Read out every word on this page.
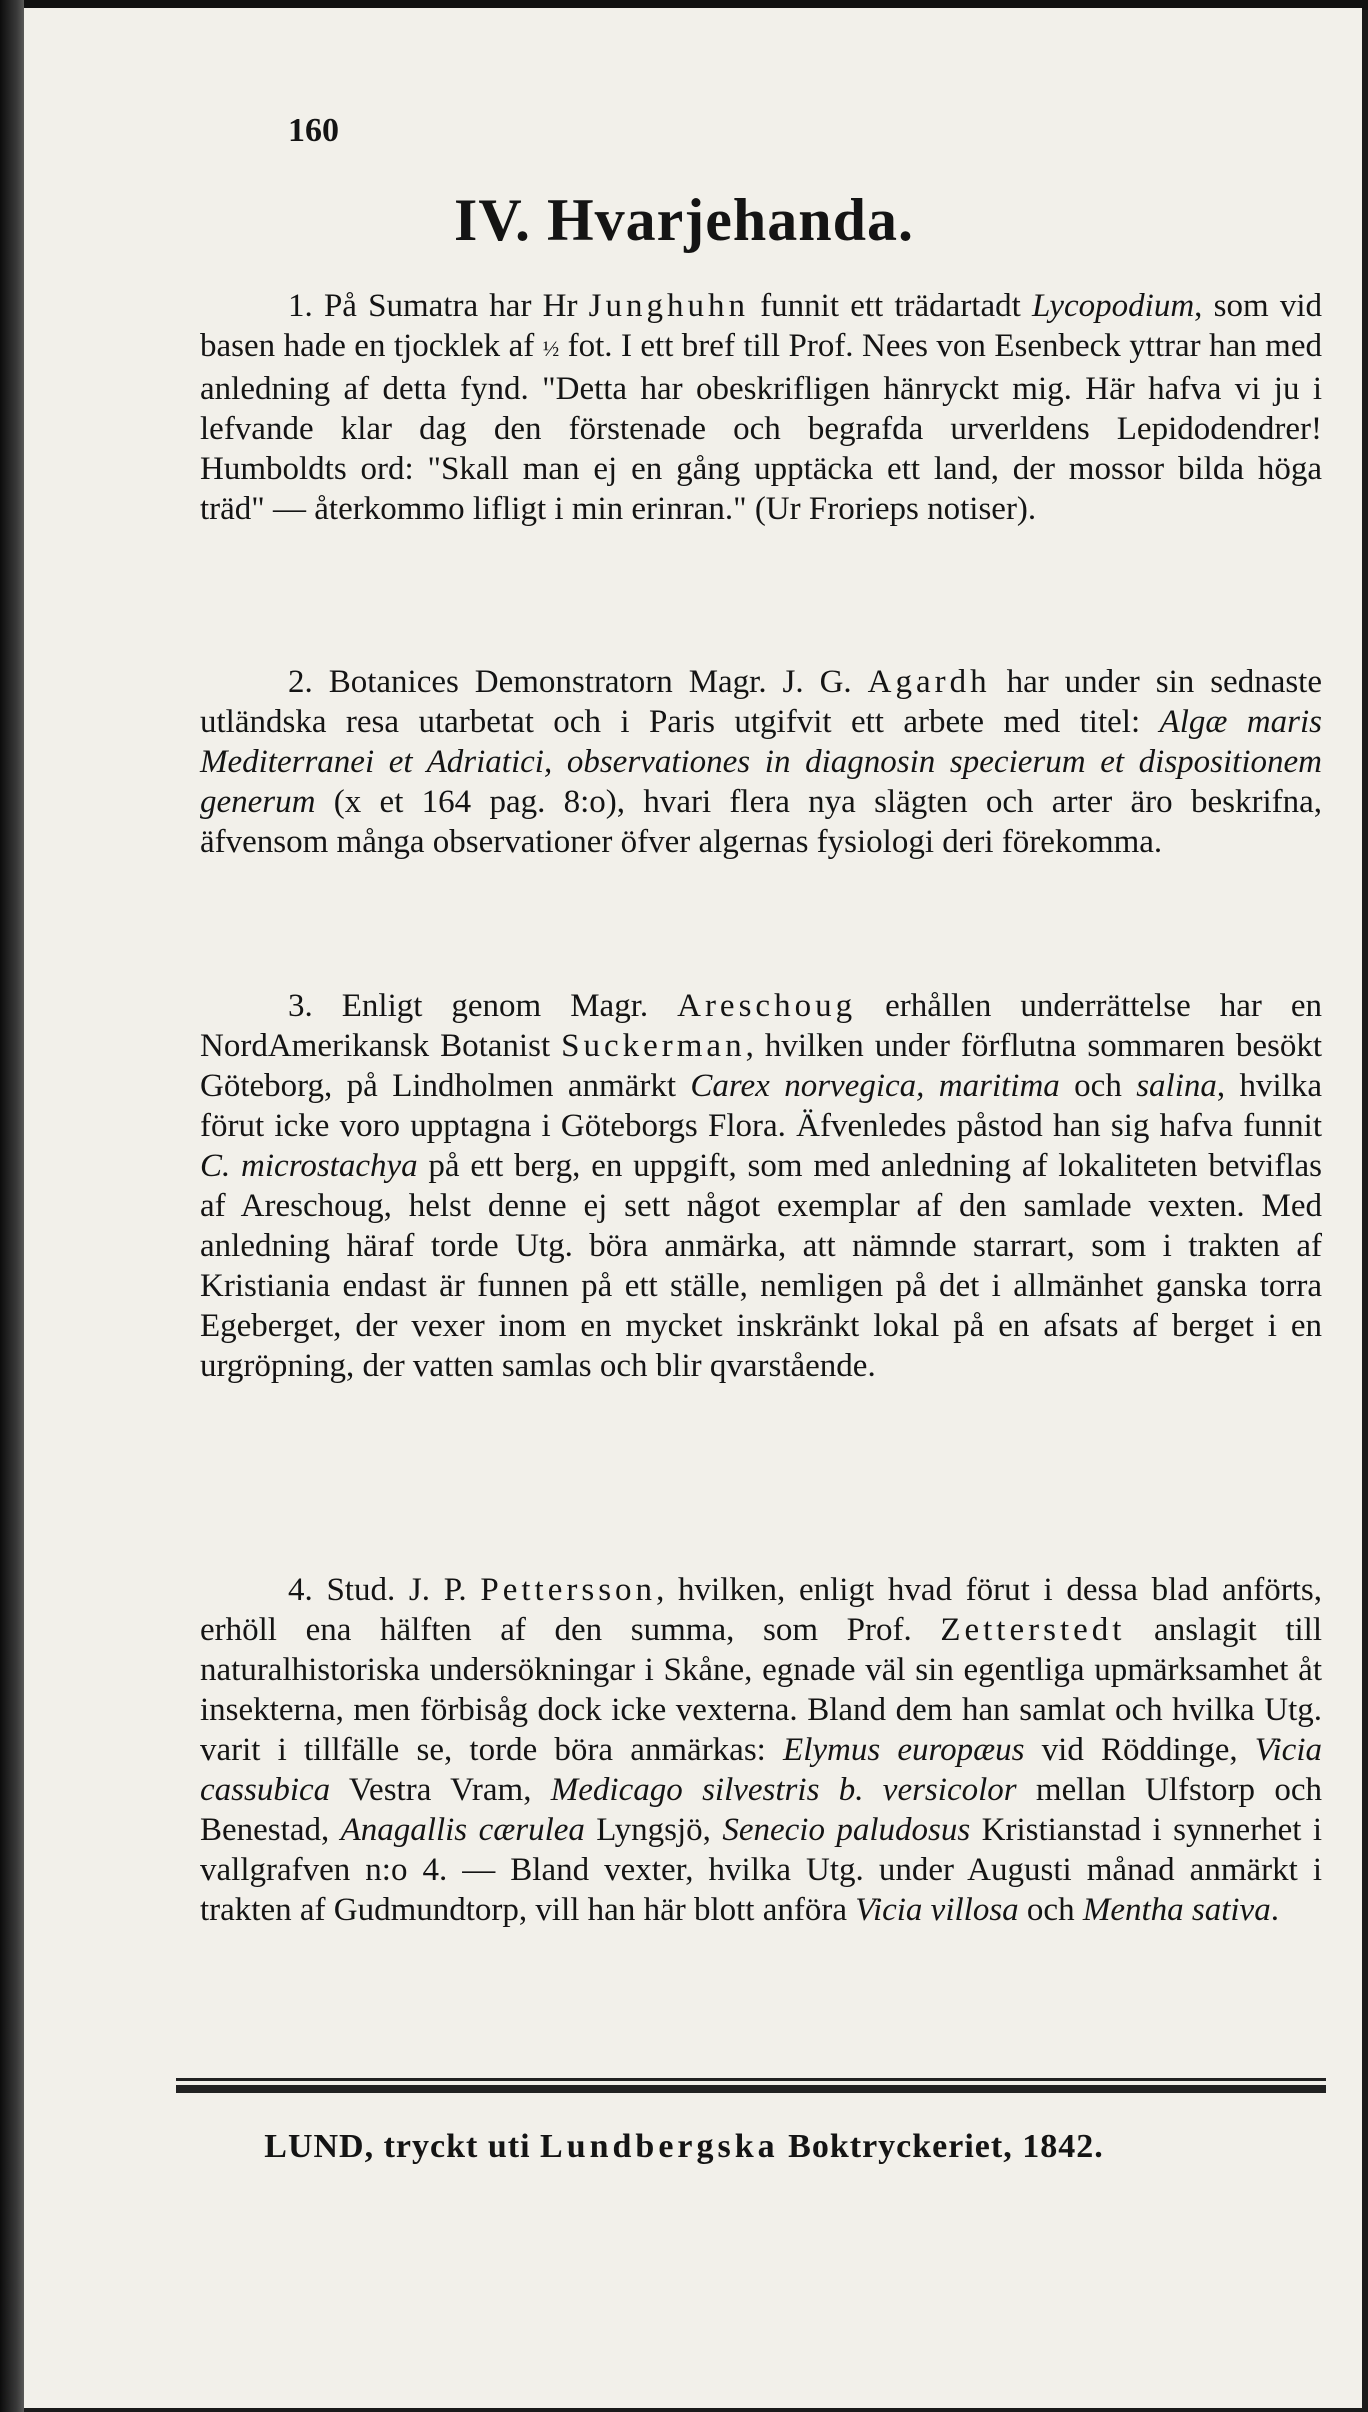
160
IV. Hvarjehanda.

1. På Sumatra har Hr Junghuhn funnit ett trädartadt Lycopodium, som vid basen hade en tjocklek af ½ fot. I ett bref till Prof. Nees von Esenbeck yttrar han med anledning af detta fynd. "Detta har obeskrifligen hänryckt mig. Här hafva vi ju i lefvande klar dag den förstenade och begrafda urverldens Lepidodendrer! Humboldts ord: "Skall man ej en gång upptäcka ett land, der mossor bilda höga träd" — återkommo lifligt i min erinran." (Ur Frorieps notiser).

2. Botanices Demonstratorn Magr. J. G. Agardh har under sin sednaste utländska resa utarbetat och i Paris utgifvit ett arbete med titel: Algæ maris Mediterranei et Adriatici, observationes in diagnosin specierum et dispositionem generum (x et 164 pag. 8:o), hvari flera nya slägten och arter äro beskrifna, äfvensom många observationer öfver algernas fysiologi deri förekomma.

3. Enligt genom Magr. Areschoug erhållen underrättelse har en NordAmerikansk Botanist Suckerman, hvilken under förflutna sommaren besökt Göteborg, på Lindholmen anmärkt Carex norvegica, maritima och salina, hvilka förut icke voro upptagna i Göteborgs Flora. Äfvenledes påstod han sig hafva funnit C. microstachya på ett berg, en uppgift, som med anledning af lokaliteten betviflas af Areschoug, helst denne ej sett något exemplar af den samlade vexten. Med anledning häraf torde Utg. böra anmärka, att nämnde starrart, som i trakten af Kristiania endast är funnen på ett ställe, nemligen på det i allmänhet ganska torra Egeberget, der vexer inom en mycket inskränkt lokal på en afsats af berget i en urgröpning, der vatten samlas och blir qvarstående.

4. Stud. J. P. Pettersson, hvilken, enligt hvad förut i dessa blad anförts, erhöll ena hälften af den summa, som Prof. Zetterstedt anslagit till naturalhistoriska undersökningar i Skåne, egnade väl sin egentliga upmärksamhet åt insekterna, men förbisåg dock icke vexterna. Bland dem han samlat och hvilka Utg. varit i tillfälle se, torde böra anmärkas: Elymus europæus vid Röddinge, Vicia cassubica Vestra Vram, Medicago silvestris b. versicolor mellan Ulfstorp och Benestad, Anagallis cærulea Lyngsjö, Senecio paludosus Kristianstad i synnerhet i vallgrafven n:o 4. — Bland vexter, hvilka Utg. under Augusti månad anmärkt i trakten af Gudmundtorp, vill han här blott anföra Vicia villosa och Mentha sativa.

LUND, tryckt uti Lundbergska Boktryckeriet, 1842.
